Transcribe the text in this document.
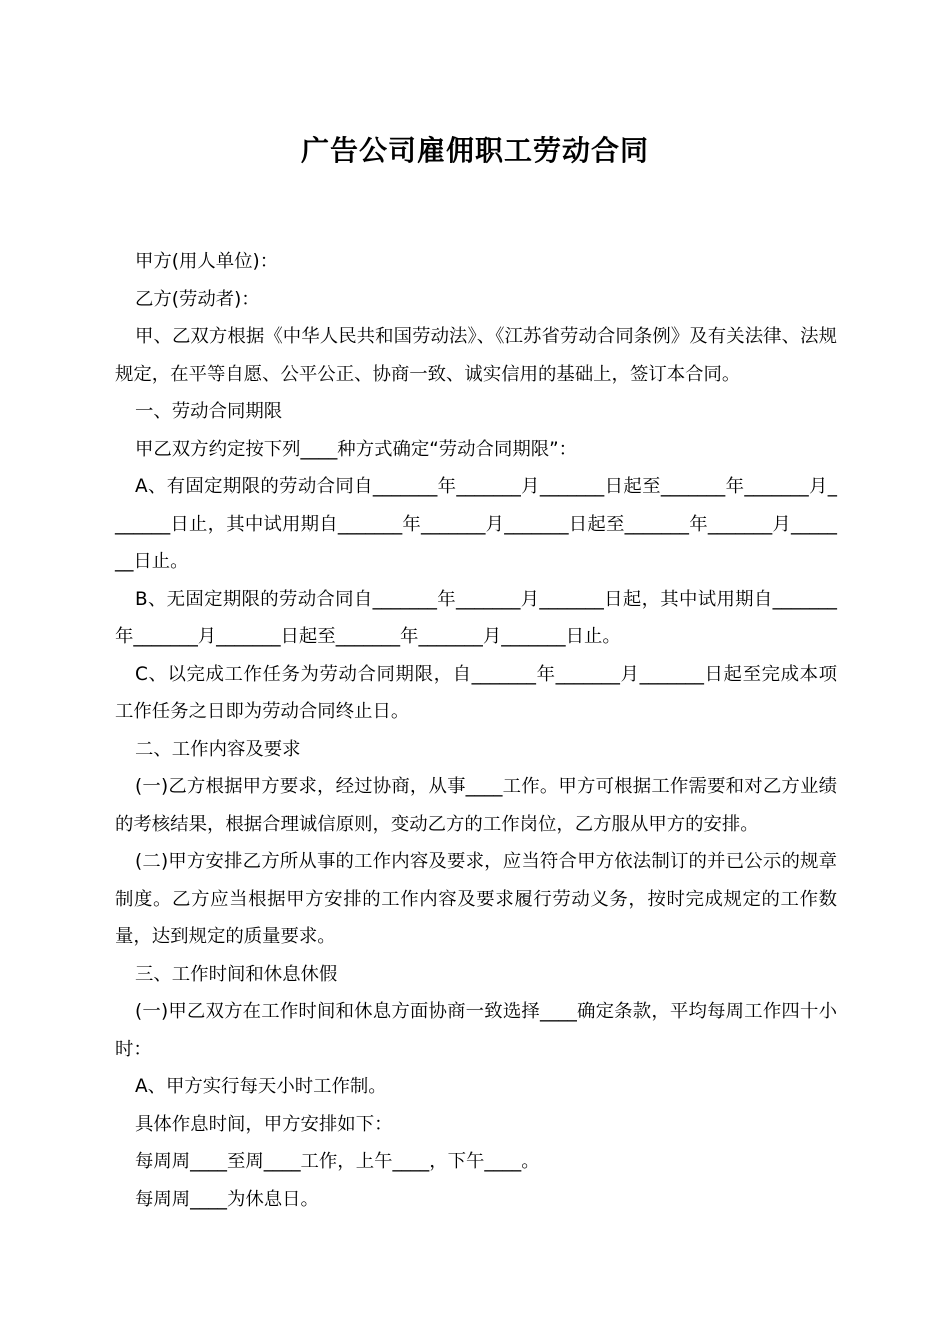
广告公司雇佣职工劳动合同

甲方(用人单位)：

乙方(劳动者)：

甲、乙双方根据《中华人民共和国劳动法》、《江苏省劳动合同条例》及有关法律、法规规定，在平等自愿、公平公正、协商一致、诚实信用的基础上，签订本合同。

一、劳动合同期限

甲乙双方约定按下列____种方式确定“劳动合同期限”：

A、有固定期限的劳动合同自_______年_______月_______日起至_______年_______月_______日止，其中试用期自_______年_______月_______日起至_______年_______月_______日止。

B、无固定期限的劳动合同自_______年_______月_______日起，其中试用期自_______年_______月_______日起至_______年_______月_______日止。

C、以完成工作任务为劳动合同期限，自_______年_______月_______日起至完成本项工作任务之日即为劳动合同终止日。

二、工作内容及要求

(一)乙方根据甲方要求，经过协商，从事____工作。甲方可根据工作需要和对乙方业绩的考核结果，根据合理诚信原则，变动乙方的工作岗位，乙方服从甲方的安排。

(二)甲方安排乙方所从事的工作内容及要求，应当符合甲方依法制订的并已公示的规章制度。乙方应当根据甲方安排的工作内容及要求履行劳动义务，按时完成规定的工作数量，达到规定的质量要求。

三、工作时间和休息休假

(一)甲乙双方在工作时间和休息方面协商一致选择____确定条款，平均每周工作四十小时：

A、甲方实行每天小时工作制。

具体作息时间，甲方安排如下：

每周周____至周____工作，上午____，下午____。

每周周____为休息日。
